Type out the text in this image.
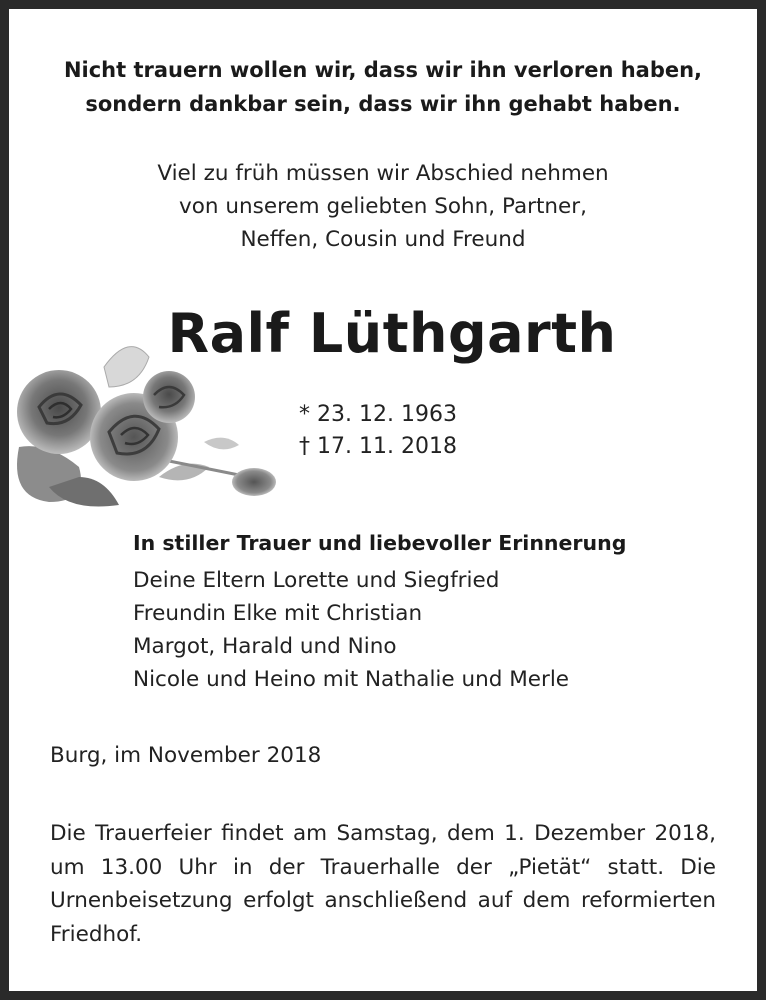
Nicht trauern wollen wir, dass wir ihn verloren haben,
sondern dankbar sein, dass wir ihn gehabt haben.
Viel zu früh müssen wir Abschied nehmen
von unserem geliebten Sohn, Partner,
Neffen, Cousin und Freund
Ralf Lüthgarth
* 23. 12. 1963
† 17. 11. 2018
In stiller Trauer und liebevoller Erinnerung
Deine Eltern Lorette und Siegfried
Freundin Elke mit Christian
Margot, Harald und Nino
Nicole und Heino mit Nathalie und Merle
Burg, im November 2018
Die Trauerfeier findet am Samstag, dem 1. Dezember 2018, um 13.00 Uhr in der Trauerhalle der „Pietät“ statt. Die Urnenbeisetzung erfolgt anschließend auf dem reformierten Friedhof.
